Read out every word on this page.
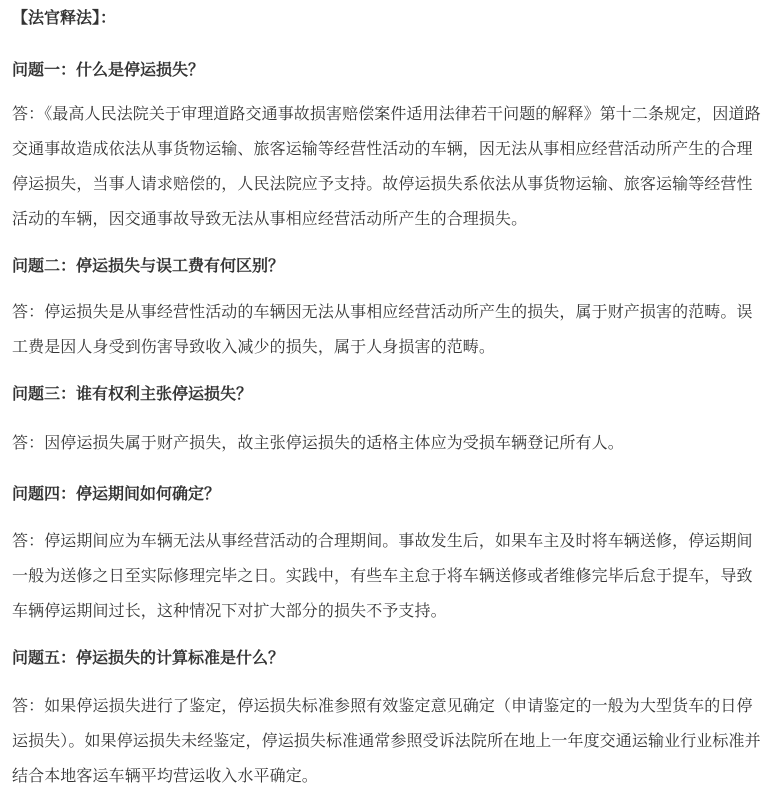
【法官释法】：
问题一：什么是停运损失？
答：《最高人民法院关于审理道路交通事故损害赔偿案件适用法律若干问题的解释》第十二条规定，因道路交通事故造成依法从事货物运输、旅客运输等经营性活动的车辆，因无法从事相应经营活动所产生的合理停运损失，当事人请求赔偿的，人民法院应予支持。故停运损失系依法从事货物运输、旅客运输等经营性活动的车辆，因交通事故导致无法从事相应经营活动所产生的合理损失。
问题二：停运损失与误工费有何区别？
答：停运损失是从事经营性活动的车辆因无法从事相应经营活动所产生的损失，属于财产损害的范畴。误工费是因人身受到伤害导致收入减少的损失，属于人身损害的范畴。
问题三：谁有权利主张停运损失？
答：因停运损失属于财产损失，故主张停运损失的适格主体应为受损车辆登记所有人。
问题四：停运期间如何确定？
答：停运期间应为车辆无法从事经营活动的合理期间。事故发生后，如果车主及时将车辆送修，停运期间一般为送修之日至实际修理完毕之日。实践中，有些车主怠于将车辆送修或者维修完毕后怠于提车，导致车辆停运期间过长，这种情况下对扩大部分的损失不予支持。
问题五：停运损失的计算标准是什么？
答：如果停运损失进行了鉴定，停运损失标准参照有效鉴定意见确定（申请鉴定的一般为大型货车的日停运损失）。如果停运损失未经鉴定，停运损失标准通常参照受诉法院所在地上一年度交通运输业行业标准并结合本地客运车辆平均营运收入水平确定。
